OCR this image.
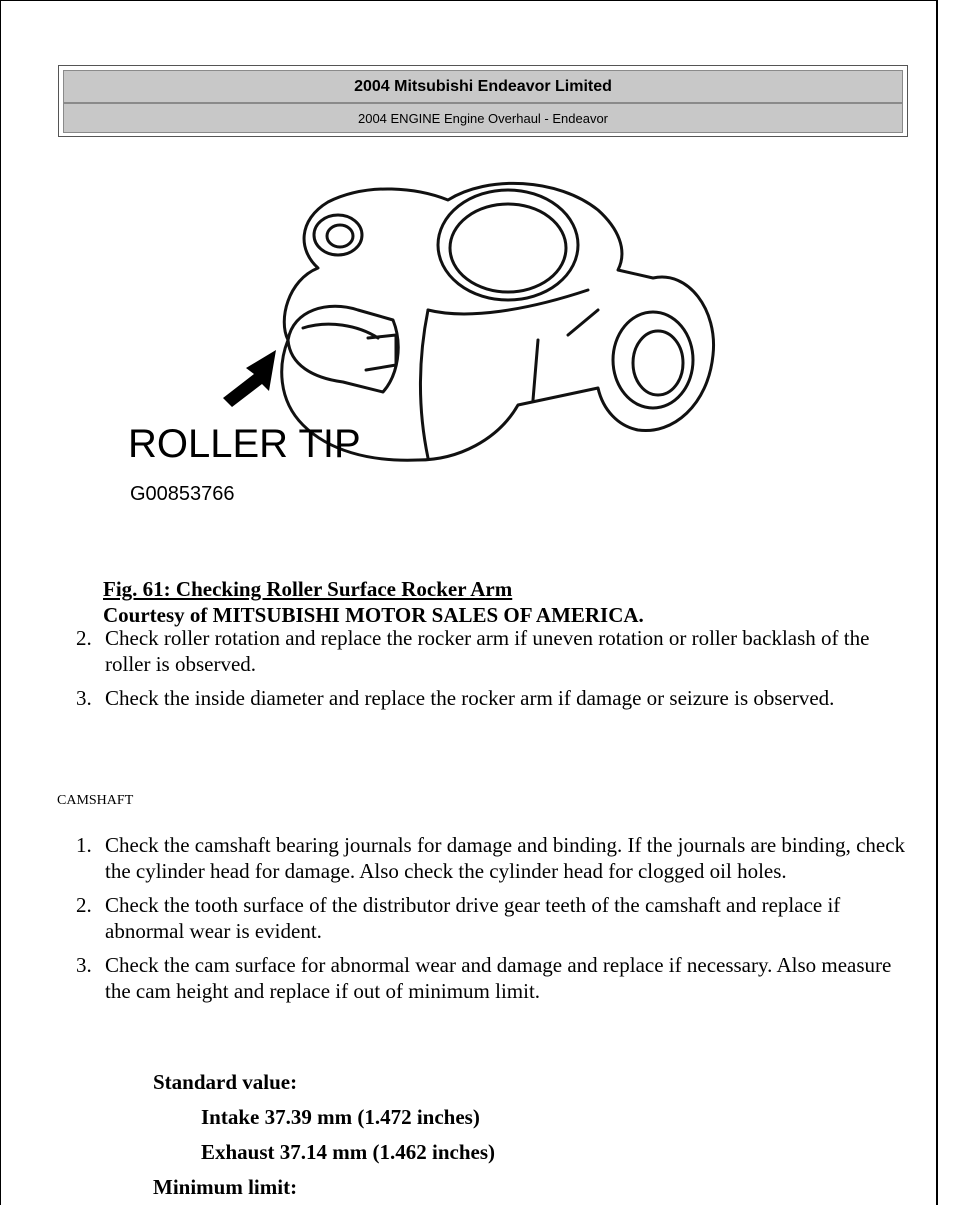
2004 Mitsubishi Endeavor Limited
2004 ENGINE Engine Overhaul - Endeavor
ROLLER TIP
G00853766
Fig. 61: Checking Roller Surface Rocker Arm
Courtesy of MITSUBISHI MOTOR SALES OF AMERICA.
2. Check roller rotation and replace the rocker arm if uneven rotation or roller backlash of the roller is observed.
3. Check the inside diameter and replace the rocker arm if damage or seizure is observed.
CAMSHAFT
1. Check the camshaft bearing journals for damage and binding. If the journals are binding, check the cylinder head for damage. Also check the cylinder head for clogged oil holes.
2. Check the tooth surface of the distributor drive gear teeth of the camshaft and replace if abnormal wear is evident.
3. Check the cam surface for abnormal wear and damage and replace if necessary. Also measure the cam height and replace if out of minimum limit.
Standard value:
Intake 37.39 mm (1.472 inches)
Exhaust 37.14 mm (1.462 inches)
Minimum limit:
